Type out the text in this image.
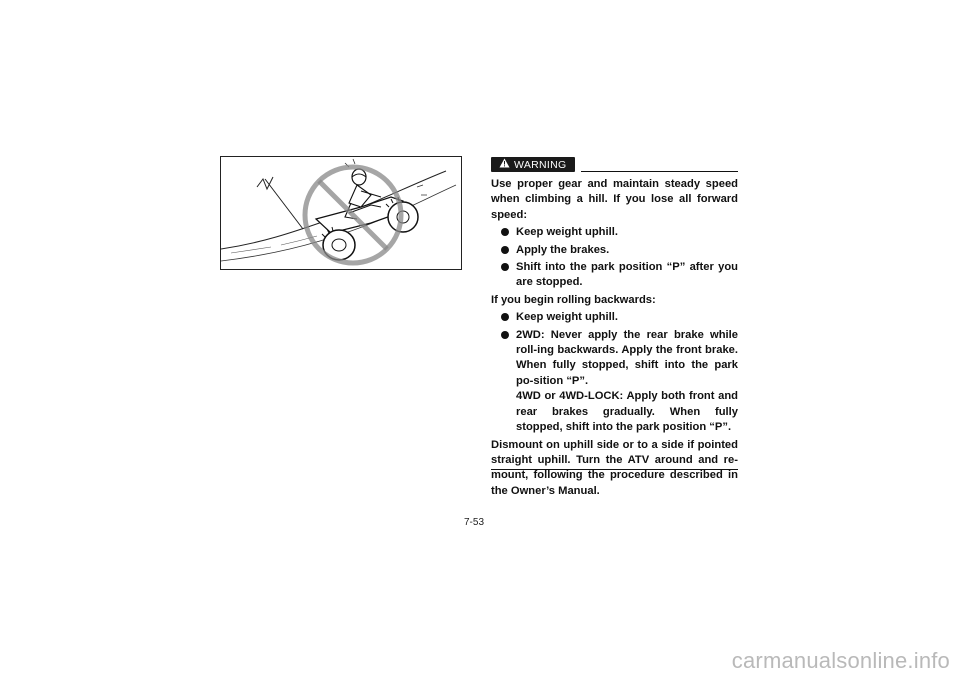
WARNING

Use proper gear and maintain steady speed when climbing a hill. If you lose all forward speed:

Keep weight uphill.
Apply the brakes.
Shift into the park position “P” after you are stopped.

If you begin rolling backwards:

Keep weight uphill.
2WD: Never apply the rear brake while roll-ing backwards. Apply the front brake. When fully stopped, shift into the park po-sition “P”.
4WD or 4WD-LOCK: Apply both front and rear brakes gradually. When fully stopped, shift into the park position “P”.

Dismount on uphill side or to a side if pointed straight uphill. Turn the ATV around and re-mount, following the procedure described in the Owner’s Manual.

7-53
carmanualsonline.info
